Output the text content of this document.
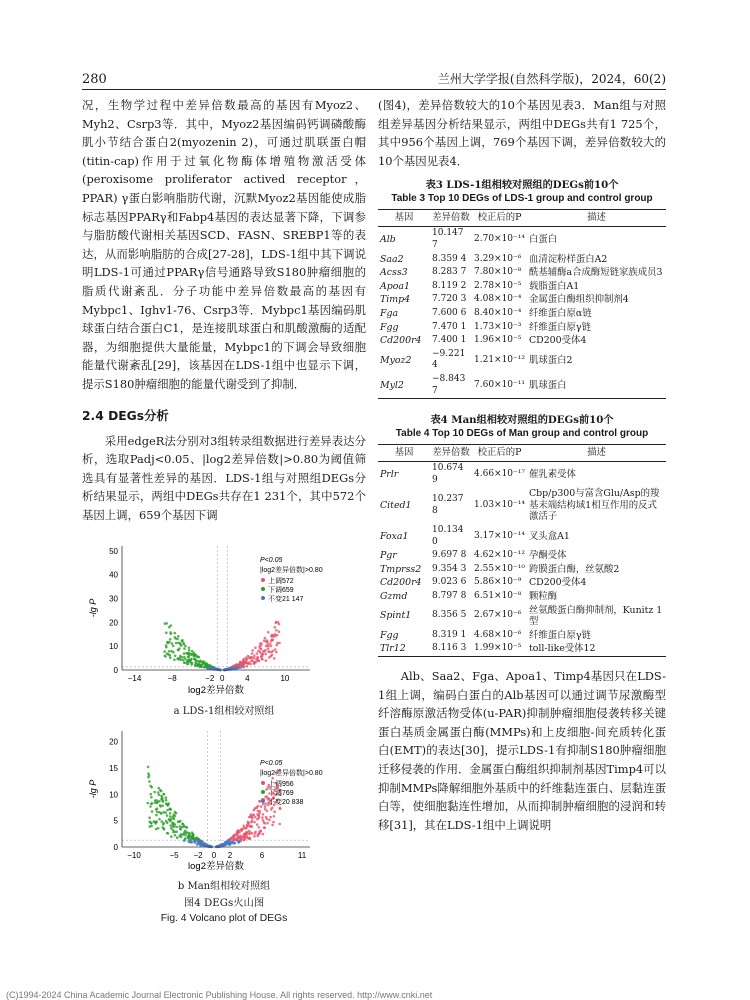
280	兰州大学学报(自然科学版)，2024，60(2)

况，生物学过程中差异倍数最高的基因有Myoz2、Myh2、Csrp3等．其中，Myoz2基因编码钙调磷酸酶肌小节结合蛋白2(myozenin 2)，可通过肌联蛋白帽(titin-cap)作用于过氧化物酶体增殖物激活受体(peroxisome proliferator actived receptor，PPAR) γ蛋白影响脂肪代谢，沉默Myoz2基因能使成脂标志基因PPARγ和Fabp4基因的表达显著下降，下调参与脂肪酸代谢相关基因SCD、FASN、SREBP1等的表达，从而影响脂肪的合成[27-28]，LDS-1组中其下调说明LDS-1可通过PPARγ信号通路导致S180肿瘤细胞的脂质代谢紊乱．分子功能中差异倍数最高的基因有Mybpc1、Ighv1-76、Csrp3等．Mybpc1基因编码肌球蛋白结合蛋白C1，是连接肌球蛋白和肌酸激酶的适配器，为细胞提供大量能量，Mybpc1的下调会导致细胞能量代谢紊乱[29]，该基因在LDS-1组中也显示下调，提示S180肿瘤细胞的能量代谢受到了抑制．

2.4 DEGs分析

采用edgeR法分别对3组转录组数据进行差异表达分析，选取Padj<0.05、|log2差异倍数|>0.80为阈值筛选具有显著性差异的基因．LDS-1组与对照组DEGs分析结果显示，两组中DEGs共存在1 231个，其中572个基因上调，659个基因下调

-lg P
log2差异倍数
0
10
20
30
40
50
−14	−8	−2 0	4	10
P<0.05
|log2差异倍数|>0.80
上调572
下调659
不变21 147
a LDS-1组相较对照组
-lg P
log2差异倍数
0
5
10
15
20
−10	−5 −2 0 2	6	11
P<0.05
|log2差异倍数|>0.80
上调956
下调769
不变20 838
b Man组相较对照组
图4 DEGs火山图
Fig. 4 Volcano plot of DEGs

(图4)，差异倍数较大的10个基因见表3．Man组与对照组差异基因分析结果显示，两组中DEGs共有1 725个，其中956个基因上调，769个基因下调，差异倍数较大的10个基因见表4．

表3 LDS-1组相较对照组的DEGs前10个
Table 3 Top 10 DEGs of LDS-1 group and control group
基因	差异倍数	校正后的P	描述
Alb	10.147 7	2.70×10⁻¹⁴	白蛋白
Saa2	8.359 4	3.29×10⁻⁶	血清淀粉样蛋白A2
Acss3	8.283 7	7.80×10⁻⁸	酰基辅酶a合成酶短链家族成员3
Apoa1	8.119 2	2.78×10⁻⁵	载脂蛋白A1
Timp4	7.720 3	4.08×10⁻⁴	金属蛋白酶组织抑制剂4
Fga	7.600 6	8.40×10⁻⁴	纤维蛋白原α链
Fgg	7.470 1	1.73×10⁻³	纤维蛋白原γ链
Cd200r4	7.400 1	1.96×10⁻⁵	CD200受体4
Myoz2	−9.221 4	1.21×10⁻¹²	肌球蛋白2
Myl2	−8.843 7	7.60×10⁻¹¹	肌球蛋白
表4 Man组相较对照组的DEGs前10个
Table 4 Top 10 DEGs of Man group and control group
基因	差异倍数	校正后的P	描述
Prlr	10.674 9	4.66×10⁻¹⁷	催乳素受体
Cited1	10.237 8	1.03×10⁻¹⁴	Cbp/p300与富含Glu/Asp的羧基末端结构域1相互作用的反式激活子
Foxa1	10.134 0	3.17×10⁻¹⁴	叉头盒A1
Pgr	9.697 8	4.62×10⁻¹²	孕酮受体
Tmprss2	9.354 3	2.55×10⁻¹⁰	跨膜蛋白酶，丝氨酸2
Cd200r4	9.023 6	5.86×10⁻⁹	CD200受体4
Gzmd	8.797 8	6.51×10⁻⁸	颗粒酶
Spint1	8.356 5	2.67×10⁻⁶	丝氨酸蛋白酶抑制剂，Kunitz 1型
Fgg	8.319 1	4.68×10⁻⁶	纤维蛋白原γ链
Tlr12	8.116 3	1.99×10⁻⁵	toll-like受体12

Alb、Saa2、Fga、Apoa1、Timp4基因只在LDS-1组上调，编码白蛋白的Alb基因可以通过调节尿激酶型纤溶酶原激活物受体(u-PAR)抑制肿瘤细胞侵袭转移关键蛋白基质金属蛋白酶(MMPs)和上皮细胞-间充质转化蛋白(EMT)的表达[30]，提示LDS-1有抑制S180肿瘤细胞迁移侵袭的作用．金属蛋白酶组织抑制剂基因Timp4可以抑制MMPs降解细胞外基质中的纤维黏连蛋白、层黏连蛋白等，使细胞黏连性增加，从而抑制肿瘤细胞的浸润和转移[31]，其在LDS-1组中上调说明

(C)1994-2024 China Academic Journal Electronic Publishing House. All rights reserved. http://www.cnki.net
